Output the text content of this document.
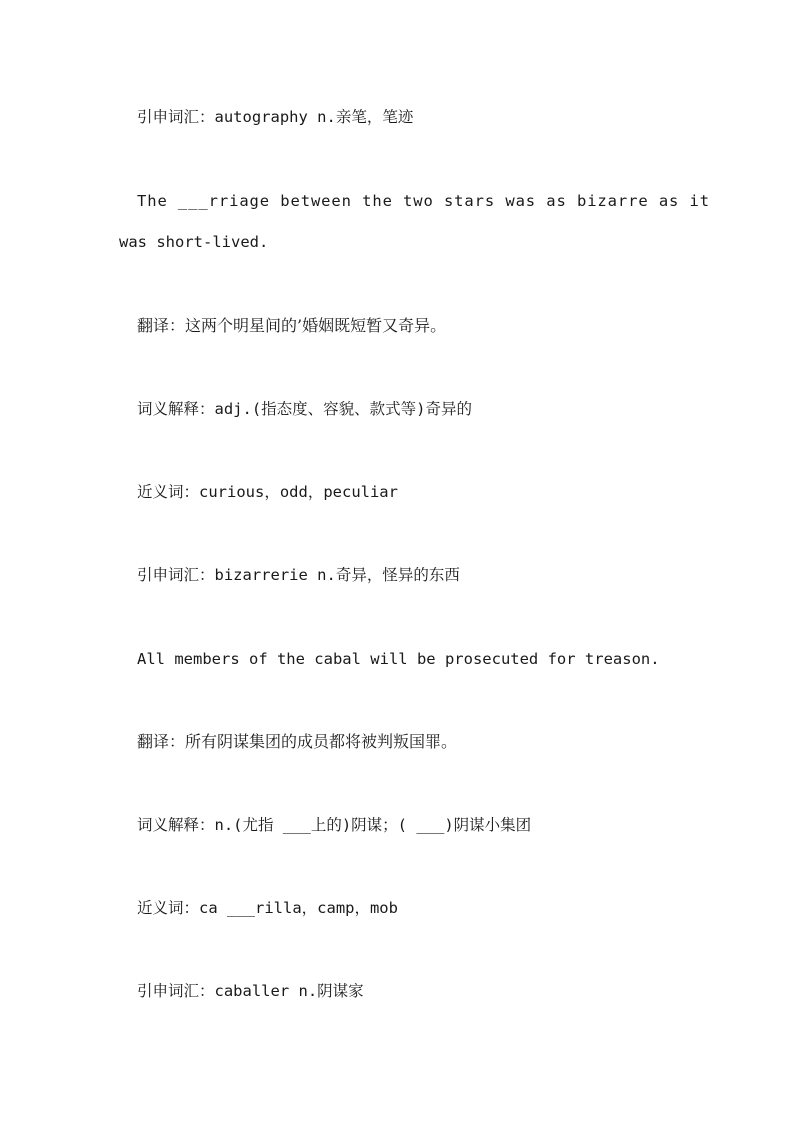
引申词汇：autography n.亲笔，笔迹
The ___rriage between the two stars was as bizarre as it
was short-lived.
翻译：这两个明星间的’婚姻既短暂又奇异。
词义解释：adj.(指态度、容貌、款式等)奇异的
近义词：curious，odd，peculiar
引申词汇：bizarrerie n.奇异，怪异的东西
All members of the cabal will be prosecuted for treason.
翻译：所有阴谋集团的成员都将被判叛国罪。
词义解释：n.(尤指 ___上的)阴谋；( ___)阴谋小集团
近义词：ca ___rilla，camp，mob
引申词汇：caballer n.阴谋家
